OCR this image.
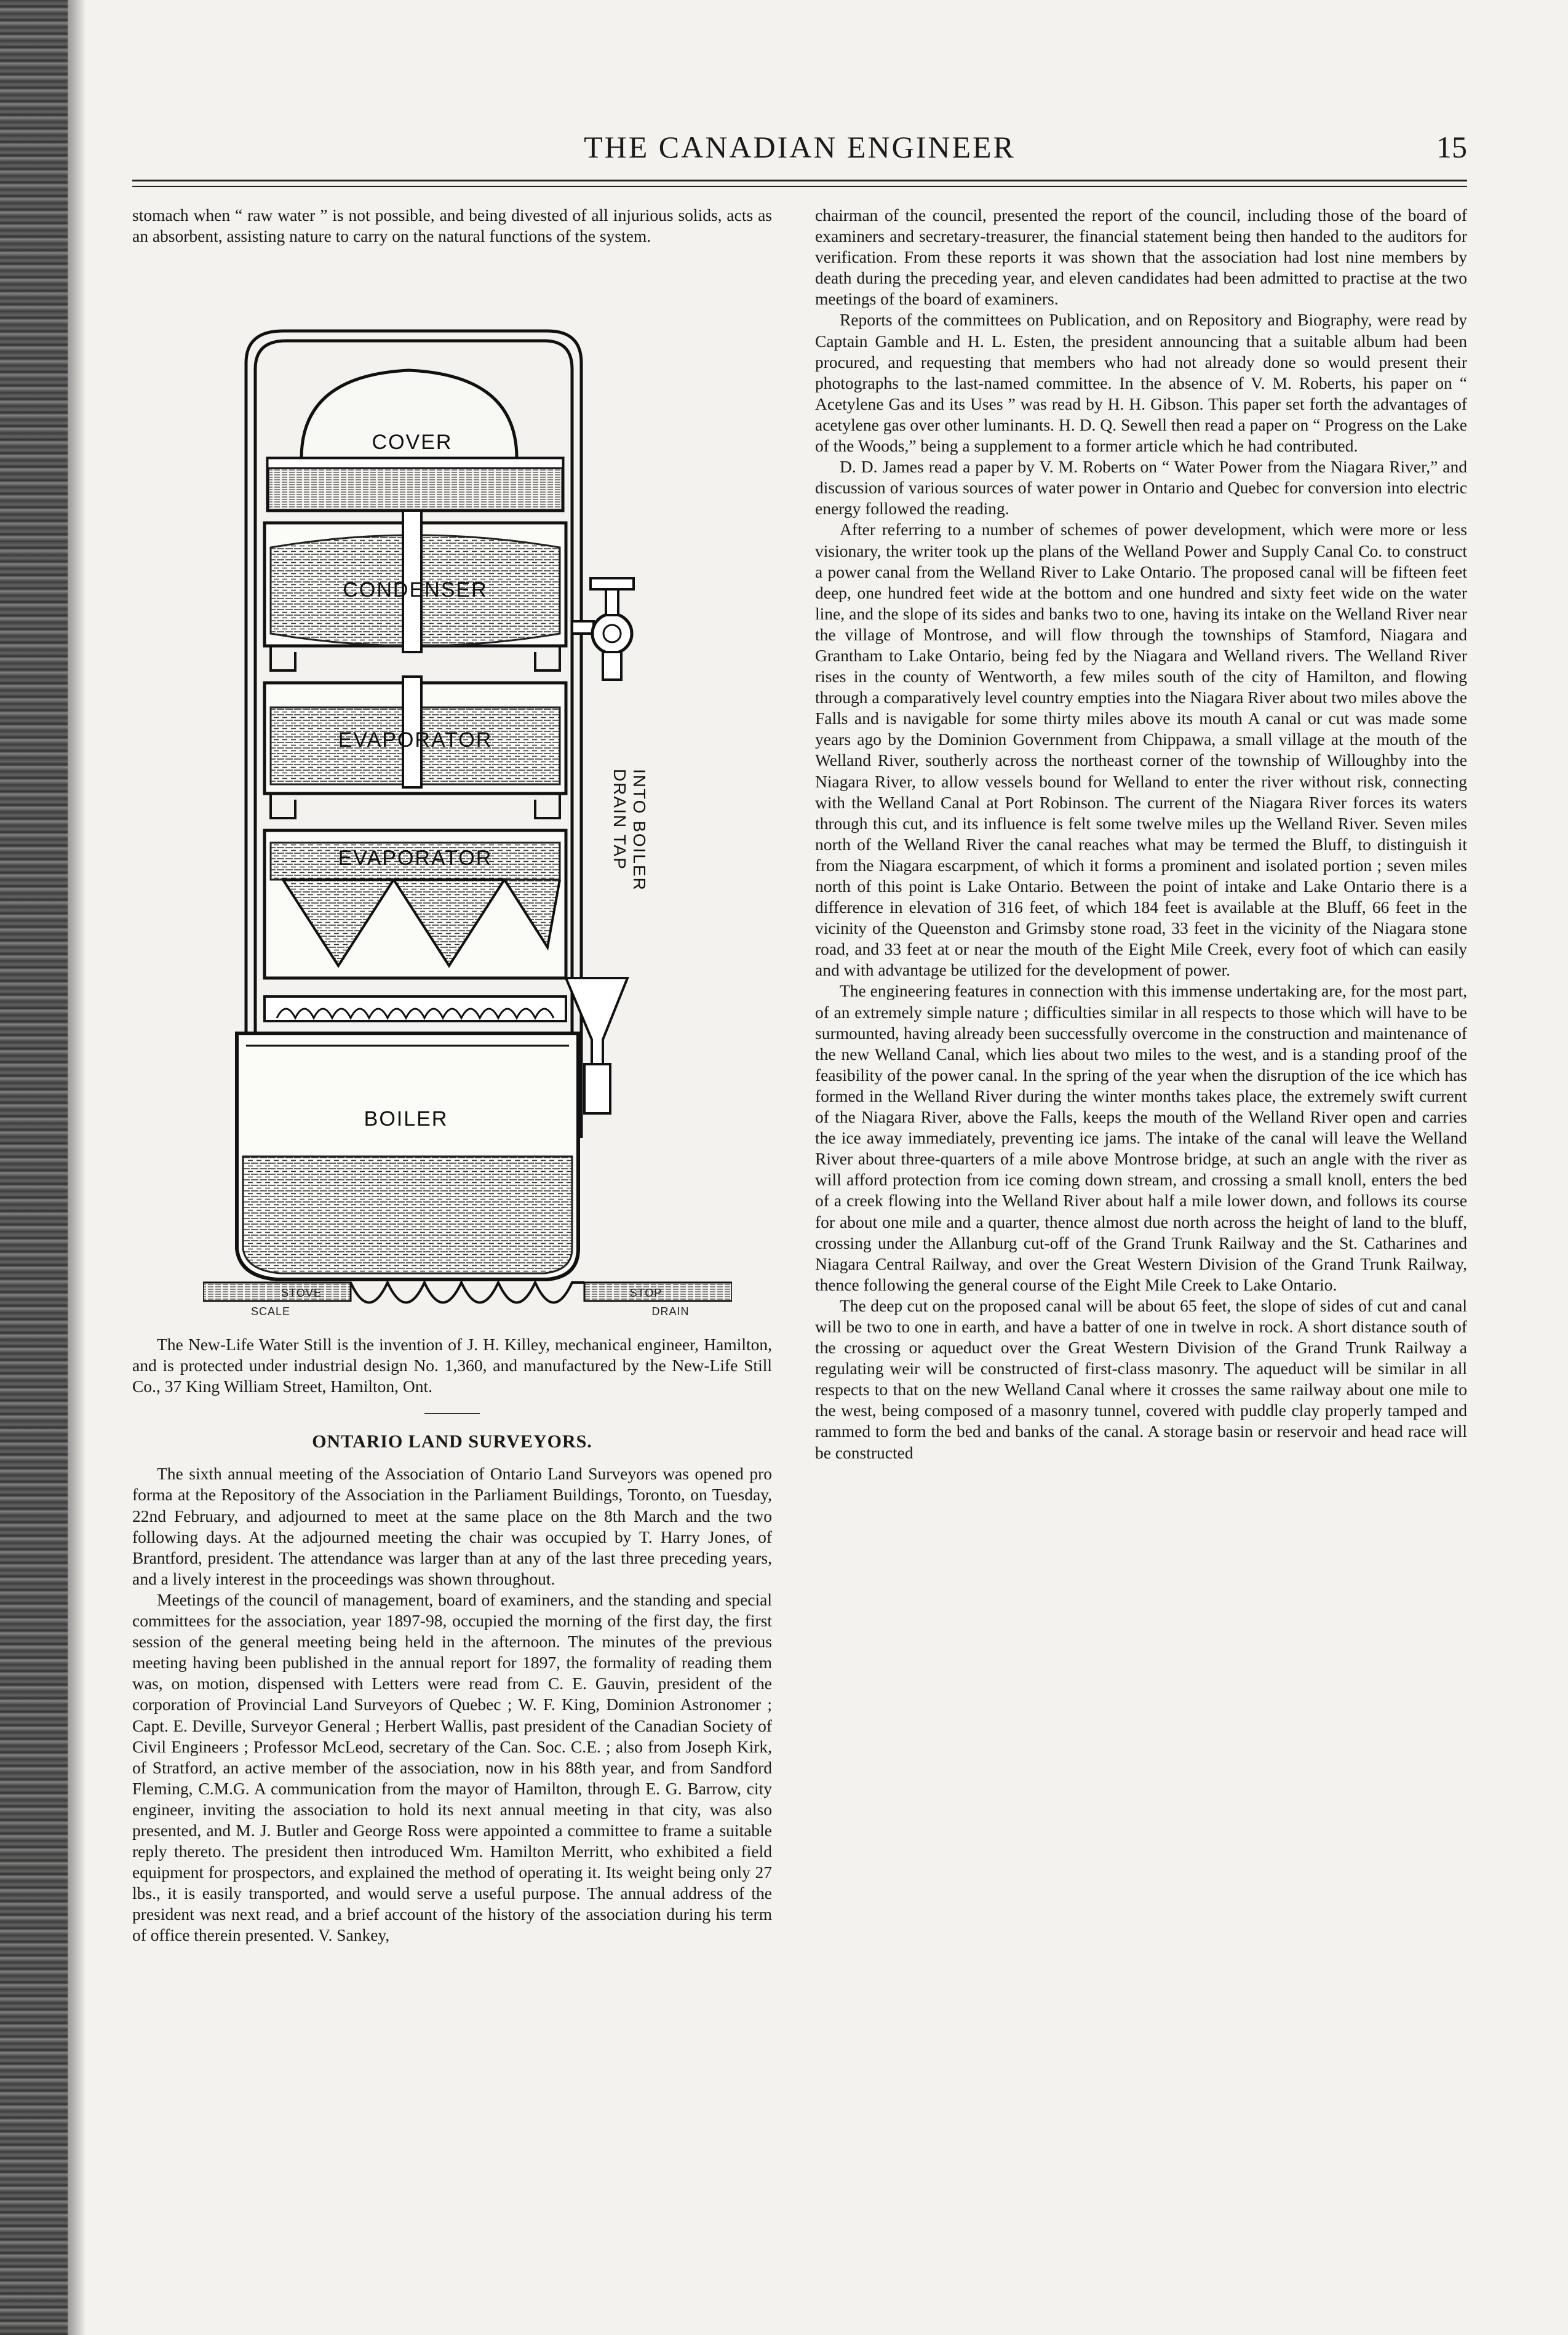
THE CANADIAN ENGINEER	15

stomach when “ raw water ” is not possible, and being divested of all injurious solids, acts as an absorbent, assisting nature to carry on the natural functions of the system.

COVER
CONDENSER
DRAIN TAP INTO BOILER
EVAPORATOR
EVAPORATOR
BOILER
STOVE	STOP
SCALE	DRAIN

The New-Life Water Still is the invention of J. H. Killey, mechanical engineer, Hamilton, and is protected under industrial design No. 1,360, and manufactured by the New-Life Still Co., 37 King William Street, Hamilton, Ont.

ONTARIO LAND SURVEYORS.

The sixth annual meeting of the Association of Ontario Land Surveyors was opened pro forma at the Repository of the Association in the Parliament Buildings, Toronto, on Tuesday, 22nd February, and adjourned to meet at the same place on the 8th March and the two following days. At the adjourned meeting the chair was occupied by T. Harry Jones, of Brantford, president. The attendance was larger than at any of the last three preceding years, and a lively interest in the proceedings was shown throughout.

Meetings of the council of management, board of examiners, and the standing and special committees for the association, year 1897-98, occupied the morning of the first day, the first session of the general meeting being held in the afternoon. The minutes of the previous meeting having been published in the annual report for 1897, the formality of reading them was, on motion, dispensed with Letters were read from C. E. Gauvin, president of the corporation of Provincial Land Surveyors of Quebec ; W. F. King, Dominion Astronomer ; Capt. E. Deville, Surveyor General ; Herbert Wallis, past president of the Canadian Society of Civil Engineers ; Professor McLeod, secretary of the Can. Soc. C.E. ; also from Joseph Kirk, of Stratford, an active member of the association, now in his 88th year, and from Sandford Fleming, C.M.G. A communication from the mayor of Hamilton, through E. G. Barrow, city engineer, inviting the association to hold its next annual meeting in that city, was also presented, and M. J. Butler and George Ross were appointed a committee to frame a suitable reply thereto. The president then introduced Wm. Hamilton Merritt, who exhibited a field equipment for prospectors, and explained the method of operating it. Its weight being only 27 lbs., it is easily transported, and would serve a useful purpose. The annual address of the president was next read, and a brief account of the history of the association during his term of office therein presented. V. Sankey,

chairman of the council, presented the report of the council, including those of the board of examiners and secretary-treasurer, the financial statement being then handed to the auditors for verification. From these reports it was shown that the association had lost nine members by death during the preceding year, and eleven candidates had been admitted to practise at the two meetings of the board of examiners.

Reports of the committees on Publication, and on Repository and Biography, were read by Captain Gamble and H. L. Esten, the president announcing that a suitable album had been procured, and requesting that members who had not already done so would present their photographs to the last-named committee. In the absence of V. M. Roberts, his paper on “ Acetylene Gas and its Uses ” was read by H. H. Gibson. This paper set forth the advantages of acetylene gas over other luminants. H. D. Q. Sewell then read a paper on “ Progress on the Lake of the Woods,” being a supplement to a former article which he had contributed.

D. D. James read a paper by V. M. Roberts on “ Water Power from the Niagara River,” and discussion of various sources of water power in Ontario and Quebec for conversion into electric energy followed the reading.

After referring to a number of schemes of power development, which were more or less visionary, the writer took up the plans of the Welland Power and Supply Canal Co. to construct a power canal from the Welland River to Lake Ontario. The proposed canal will be fifteen feet deep, one hundred feet wide at the bottom and one hundred and sixty feet wide on the water line, and the slope of its sides and banks two to one, having its intake on the Welland River near the village of Montrose, and will flow through the townships of Stamford, Niagara and Grantham to Lake Ontario, being fed by the Niagara and Welland rivers. The Welland River rises in the county of Wentworth, a few miles south of the city of Hamilton, and flowing through a comparatively level country empties into the Niagara River about two miles above the Falls and is navigable for some thirty miles above its mouth A canal or cut was made some years ago by the Dominion Government from Chippawa, a small village at the mouth of the Welland River, southerly across the northeast corner of the township of Willoughby into the Niagara River, to allow vessels bound for Welland to enter the river without risk, connecting with the Welland Canal at Port Robinson. The current of the Niagara River forces its waters through this cut, and its influence is felt some twelve miles up the Welland River. Seven miles north of the Welland River the canal reaches what may be termed the Bluff, to distinguish it from the Niagara escarpment, of which it forms a prominent and isolated portion ; seven miles north of this point is Lake Ontario. Between the point of intake and Lake Ontario there is a difference in elevation of 316 feet, of which 184 feet is available at the Bluff, 66 feet in the vicinity of the Queenston and Grimsby stone road, 33 feet in the vicinity of the Niagara stone road, and 33 feet at or near the mouth of the Eight Mile Creek, every foot of which can easily and with advantage be utilized for the development of power.

The engineering features in connection with this immense undertaking are, for the most part, of an extremely simple nature ; difficulties similar in all respects to those which will have to be surmounted, having already been successfully overcome in the construction and maintenance of the new Welland Canal, which lies about two miles to the west, and is a standing proof of the feasibility of the power canal. In the spring of the year when the disruption of the ice which has formed in the Welland River during the winter months takes place, the extremely swift current of the Niagara River, above the Falls, keeps the mouth of the Welland River open and carries the ice away immediately, preventing ice jams. The intake of the canal will leave the Welland River about three-quarters of a mile above Montrose bridge, at such an angle with the river as will afford protection from ice coming down stream, and crossing a small knoll, enters the bed of a creek flowing into the Welland River about half a mile lower down, and follows its course for about one mile and a quarter, thence almost due north across the height of land to the bluff, crossing under the Allanburg cut-off of the Grand Trunk Railway and the St. Catharines and Niagara Central Railway, and over the Great Western Division of the Grand Trunk Railway, thence following the general course of the Eight Mile Creek to Lake Ontario.

The deep cut on the proposed canal will be about 65 feet, the slope of sides of cut and canal will be two to one in earth, and have a batter of one in twelve in rock. A short distance south of the crossing or aqueduct over the Great Western Division of the Grand Trunk Railway a regulating weir will be constructed of first-class masonry. The aqueduct will be similar in all respects to that on the new Welland Canal where it crosses the same railway about one mile to the west, being composed of a masonry tunnel, covered with puddle clay properly tamped and rammed to form the bed and banks of the canal. A storage basin or reservoir and head race will be constructed
